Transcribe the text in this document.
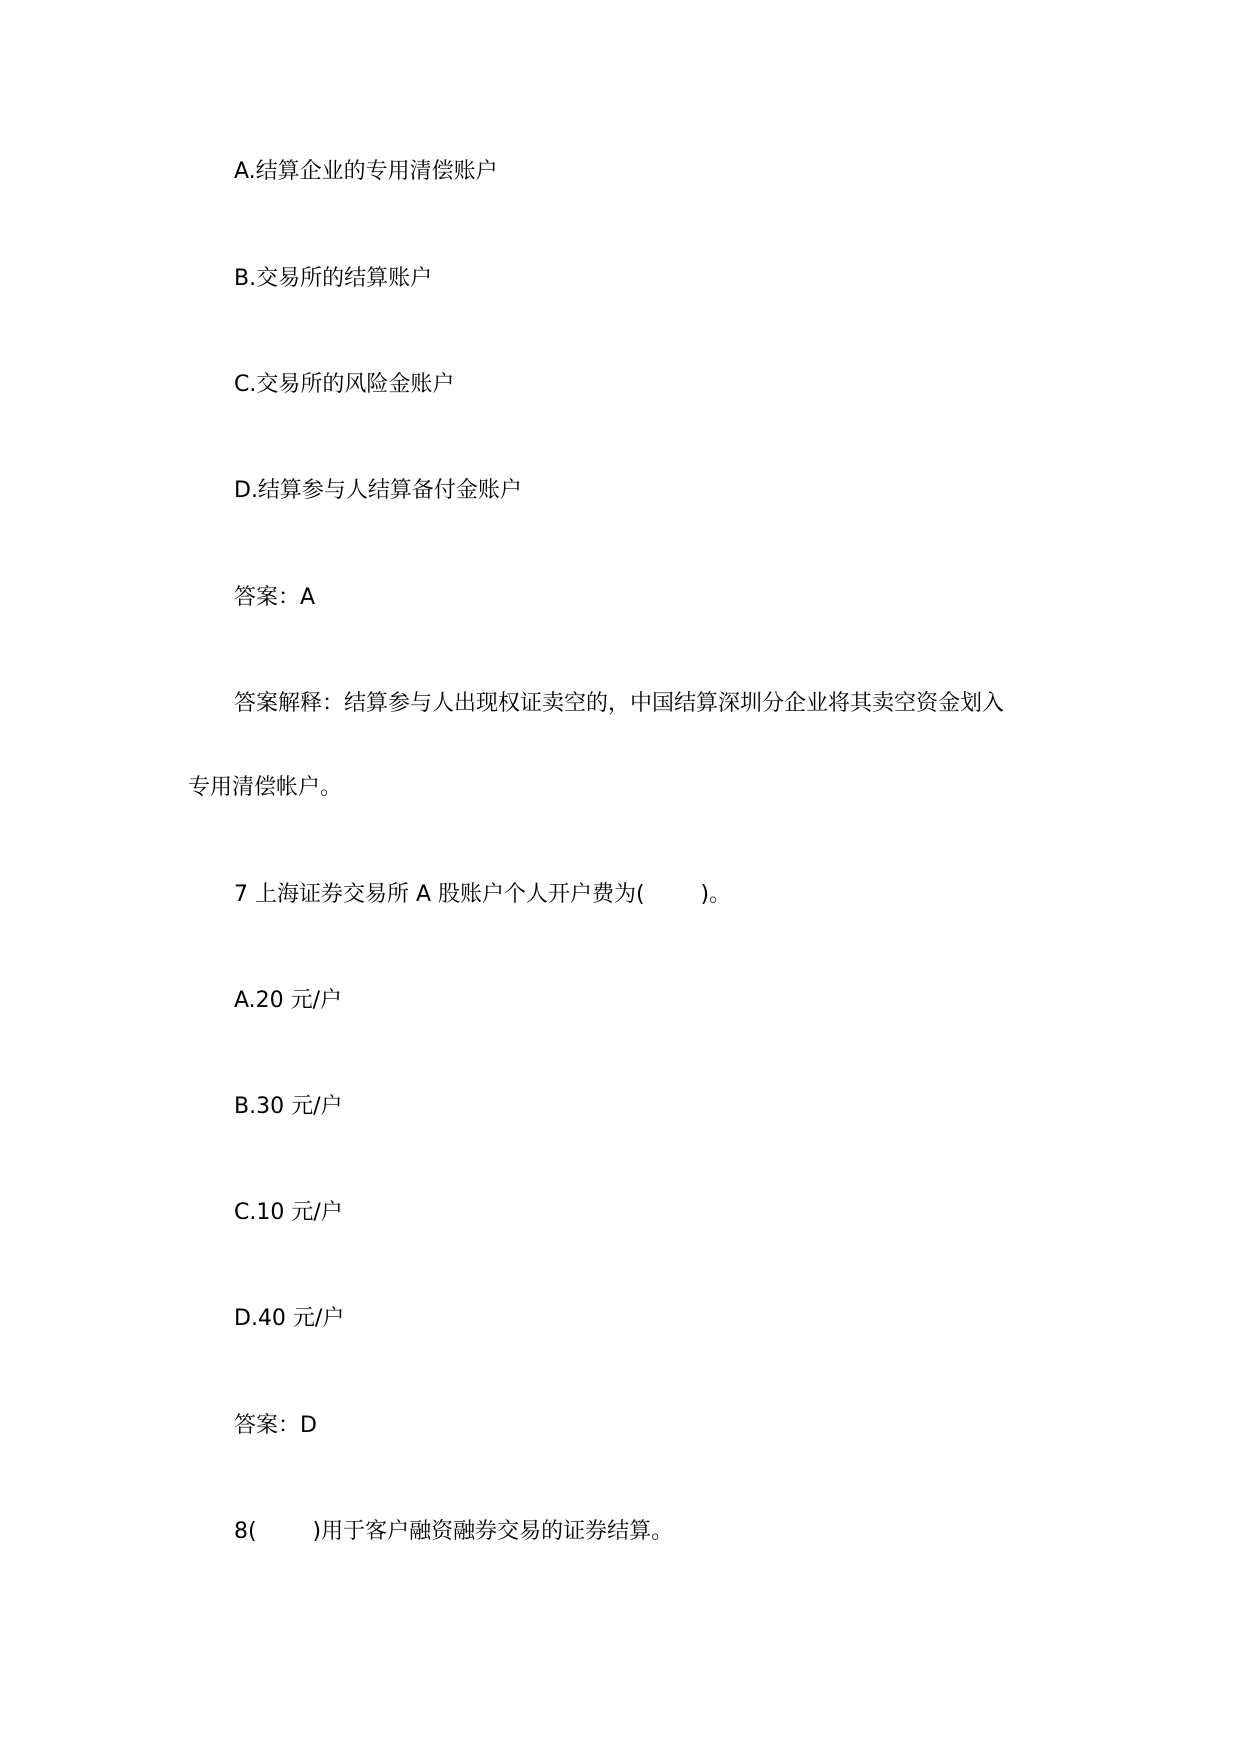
A.结算企业的专用清偿账户
B.交易所的结算账户
C.交易所的风险金账户
D.结算参与人结算备付金账户
答案：A
答案解释：结算参与人出现权证卖空的，中国结算深圳分企业将其卖空资金划入
专用清偿帐户。
7 上海证券交易所 A 股账户个人开户费为(        )。
A.20 元/户
B.30 元/户
C.10 元/户
D.40 元/户
答案：D
8(        )用于客户融资融券交易的证券结算。
